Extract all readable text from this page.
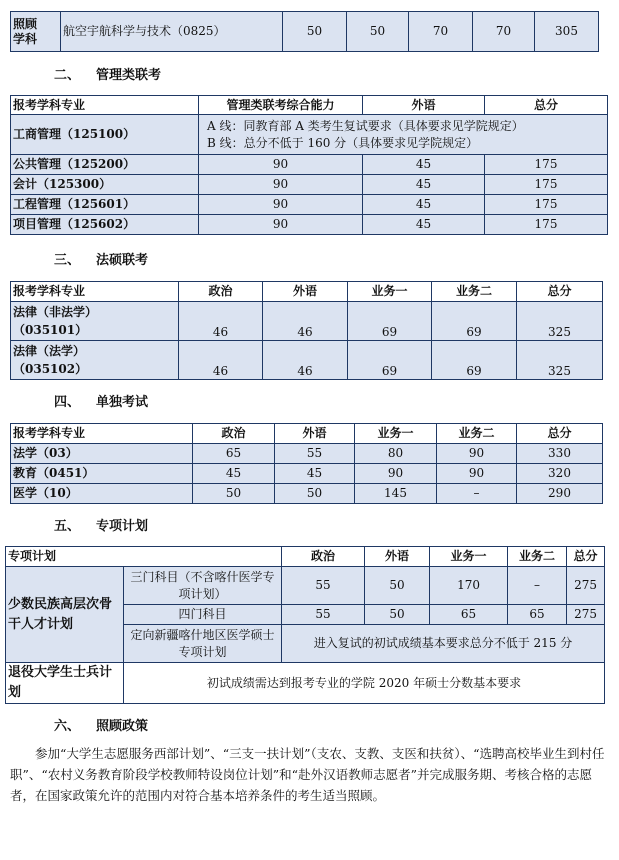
照顾
学科	航空宇航科学与技术（0825）	50	50	70	70	305
二、 管理类联考
报考学科专业	管理类联考综合能力	外语	总分
工商管理（125100）	A 线：同教育部 A 类考生复试要求（具体要求见学院规定）
B 线：总分不低于 160 分（具体要求见学院规定）		

公共管理（125200）	90	45	175
会计（125300）	90	45	175
工程管理（125601）	90	45	175
项目管理（125602）	90	45	175
三、 法硕联考
报考学科专业	政治	外语	业务一	业务二	总分

法律（非法学）
（035101）	46	46	69	69	325

法律（法学）
（035102）	46	46	69	69	325
四、 单独考试
报考学科专业	政治	外语	业务一	业务二	总分
法学（03）	65	55	80	90	330
教育（0451）	45	45	90	90	320
医学（10）	50	50	145	–	290
五、 专项计划
专项计划		政治	外语	业务一	业务二	总分
少数民族高层次骨干人才计划	三门科目（不含喀什医学专项计划）	55	50	170	–	275
	四门科目	55	50	65	65	275
	定向新疆喀什地区医学硕士专项计划	进入复试的初试成绩基本要求总分不低于 215 分				
退役大学生士兵计划	初试成绩需达到报考专业的学院 2020 年硕士分数基本要求					
六、 照顾政策
参加“大学生志愿服务西部计划”、“三支一扶计划”（支农、支教、支医和扶贫）、“选聘高校毕业生到村任职”、“农村义务教育阶段学校教师特设岗位计划”和“赴外汉语教师志愿者”并完成服务期、考核合格的志愿者，在国家政策允许的范围内对符合基本培养条件的考生适当照顾。
